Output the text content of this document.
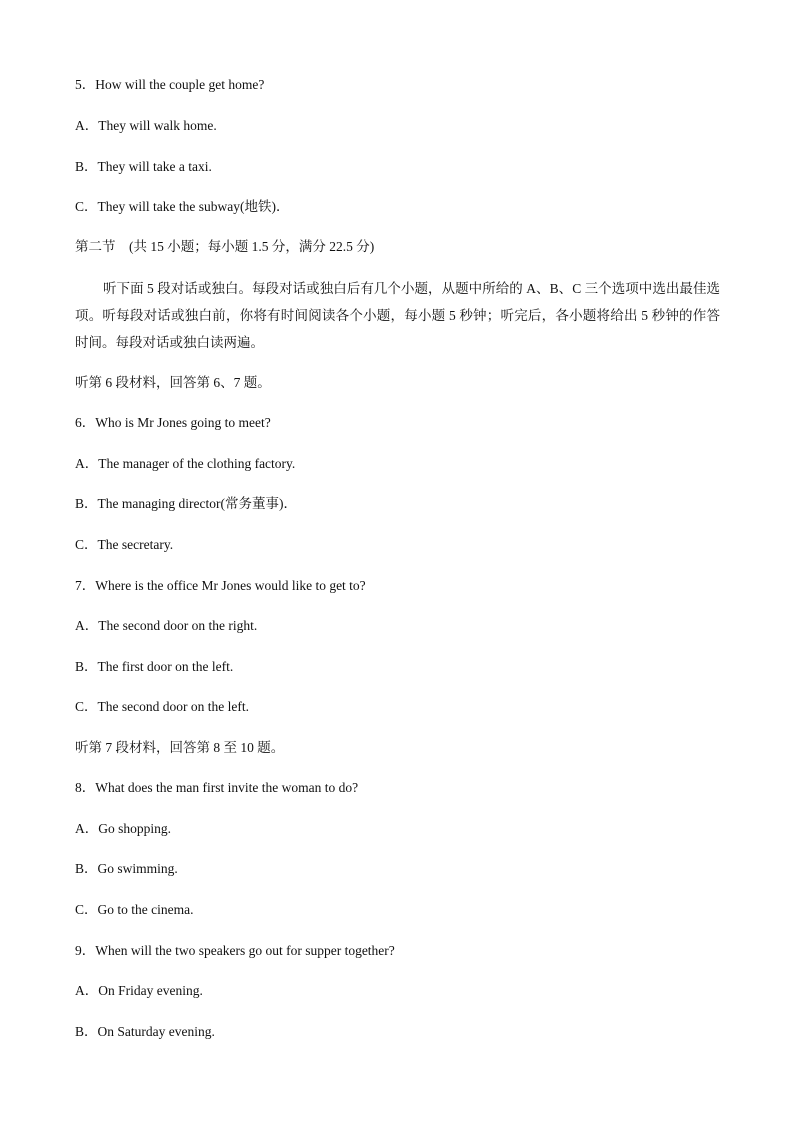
5．How will the couple get home?
A．They will walk home.
B．They will take a taxi.
C．They will take the subway(地铁)．
第二节　(共 15 小题；每小题 1.5 分，满分 22.5 分)
听下面 5 段对话或独白。每段对话或独白后有几个小题，从题中所给的 A、B、C 三个选项中选出最佳选项。听每段对话或独白前，你将有时间阅读各个小题，每小题 5 秒钟；听完后，各小题将给出 5 秒钟的作答时间。每段对话或独白读两遍。
听第 6 段材料，回答第 6、7 题。
6．Who is Mr Jones going to meet?
A．The manager of the clothing factory.
B．The managing director(常务董事)．
C．The secretary.
7．Where is the office Mr Jones would like to get to?
A．The second door on the right.
B．The first door on the left.
C．The second door on the left.
听第 7 段材料，回答第 8 至 10 题。
8．What does the man first invite the woman to do?
A．Go shopping.
B．Go swimming.
C．Go to the cinema.
9．When will the two speakers go out for supper together?
A．On Friday evening.
B．On Saturday evening.
